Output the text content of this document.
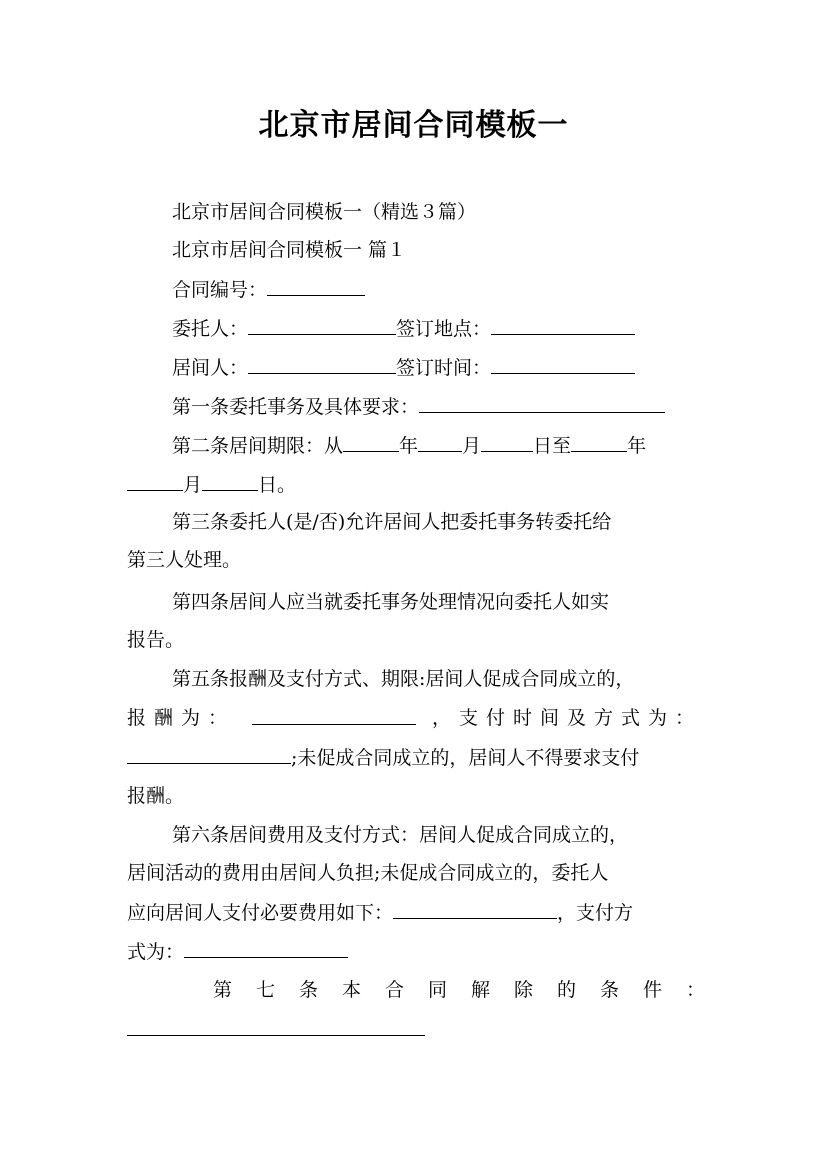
北京市居间合同模板一
北京市居间合同模板一（精选３篇）
北京市居间合同模板一 篇１
合同编号：
委托人：	签订地点：
居间人：	签订时间：
第一条委托事务及具体要求：
第二条居间期限：从	年 月	日至	年
月	日。
第三条委托人(是/否)允许居间人把委托事务转委托给
第三人处理。
第四条居间人应当就委托事务处理情况向委托人如实
报告。
第五条报酬及支付方式、期限:居间人促成合同成立的，
报酬为：	，支付时间及方式为：
;未促成合同成立的，居间人不得要求支付
报酬。
第六条居间费用及支付方式：居间人促成合同成立的，
居间活动的费用由居间人负担;未促成合同成立的，委托人
应向居间人支付必要费用如下：	，支付方
式为：
第七条本合同解除的条件：
